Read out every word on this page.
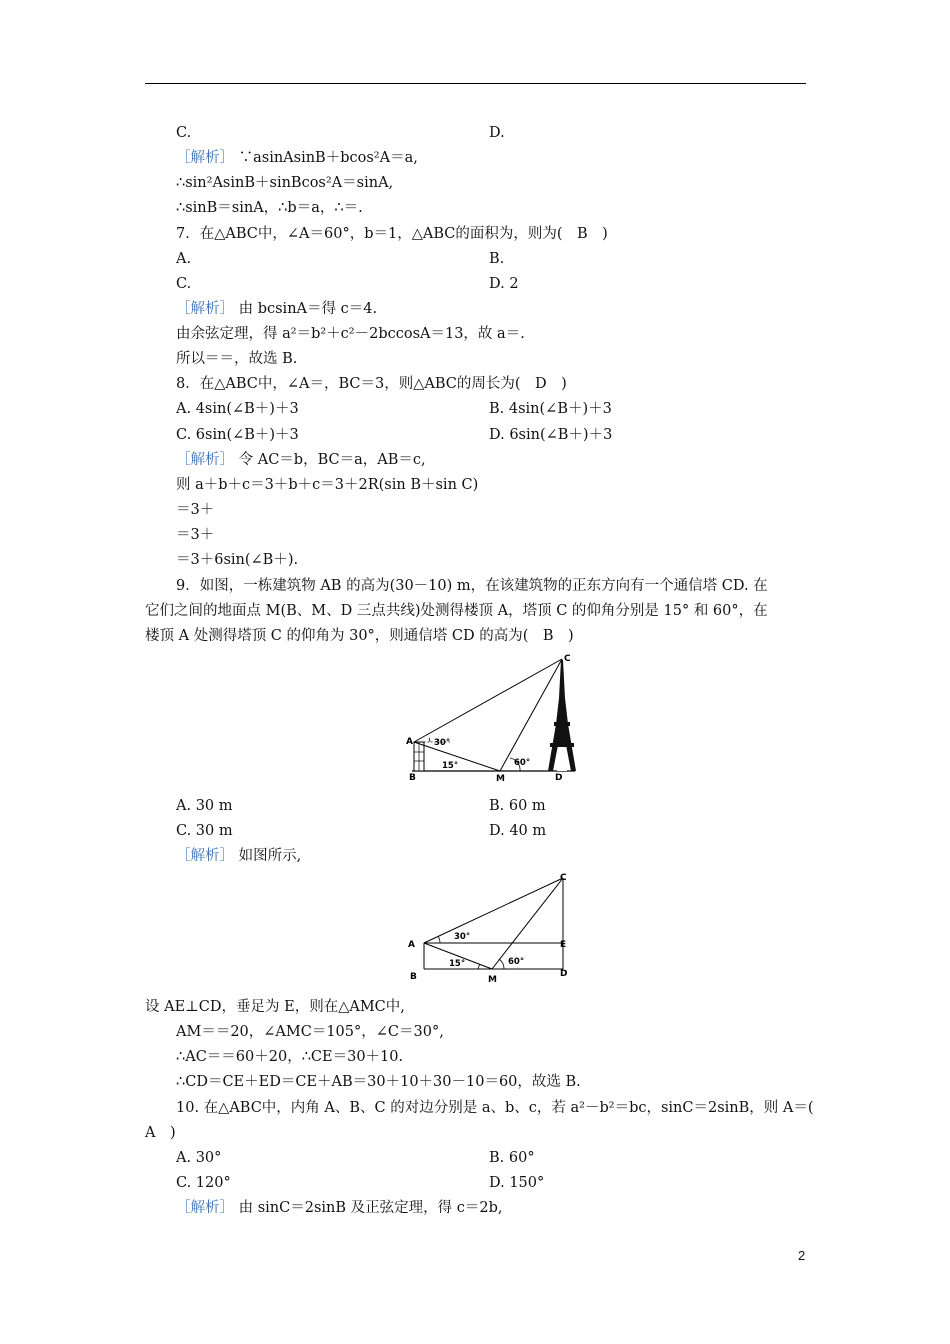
C.	D.
［解析］ ∵asinAsinB＋bcos²A＝a,
∴sin²AsinB＋sinBcos²A＝sinA,
∴sinB＝sinA，∴b＝a，∴＝.
7．在△ABC中，∠A＝60°，b＝1，△ABC的面积为，则为(　B　)
A.	B.
C.	D. 2
［解析］ 由 bcsinA＝得 c＝4.
由余弦定理，得 a²＝b²＋c²－2bccosA＝13，故 a＝.
所以＝＝，故选 B.
8．在△ABC中，∠A＝，BC＝3，则△ABC的周长为(　D　)
A. 4sin(∠B＋)＋3	B. 4sin(∠B＋)＋3
C. 6sin(∠B＋)＋3	D. 6sin(∠B＋)＋3
［解析］ 令 AC＝b，BC＝a，AB＝c,
则 a＋b＋c＝3＋b＋c＝3＋2R(sin B＋sin C)
＝3＋
＝3＋
＝3＋6sin(∠B＋).
9．如图，一栋建筑物 AB 的高为(30－10) m，在该建筑物的正东方向有一个通信塔 CD. 在
它们之间的地面点 M(B、M、D 三点共线)处测得楼顶 A，塔顶 C 的仰角分别是 15° 和 60°，在
楼顶 A 处测得塔顶 C 的仰角为 30°，则通信塔 CD 的高为(　B　)
A
B
C
D
M
30°
15°	60°
A. 30 m	B. 60 m
C. 30 m	D. 40 m
［解析］ 如图所示,
A
B
C
D
E
M
30°
15°	60°
设 AE⊥CD，垂足为 E，则在△AMC中,
AM＝＝20，∠AMC＝105°，∠C＝30°,
∴AC＝＝60＋20，∴CE＝30＋10.
∴CD＝CE＋ED＝CE＋AB＝30＋10＋30－10＝60，故选 B.
10. 在△ABC中，内角 A、B、C 的对边分别是 a、b、c，若 a²－b²＝bc，sinC＝2sinB，则 A＝(
A　)
A. 30°	B. 60°
C. 120°	D. 150°
［解析］ 由 sinC＝2sinB 及正弦定理，得 c＝2b,
2
